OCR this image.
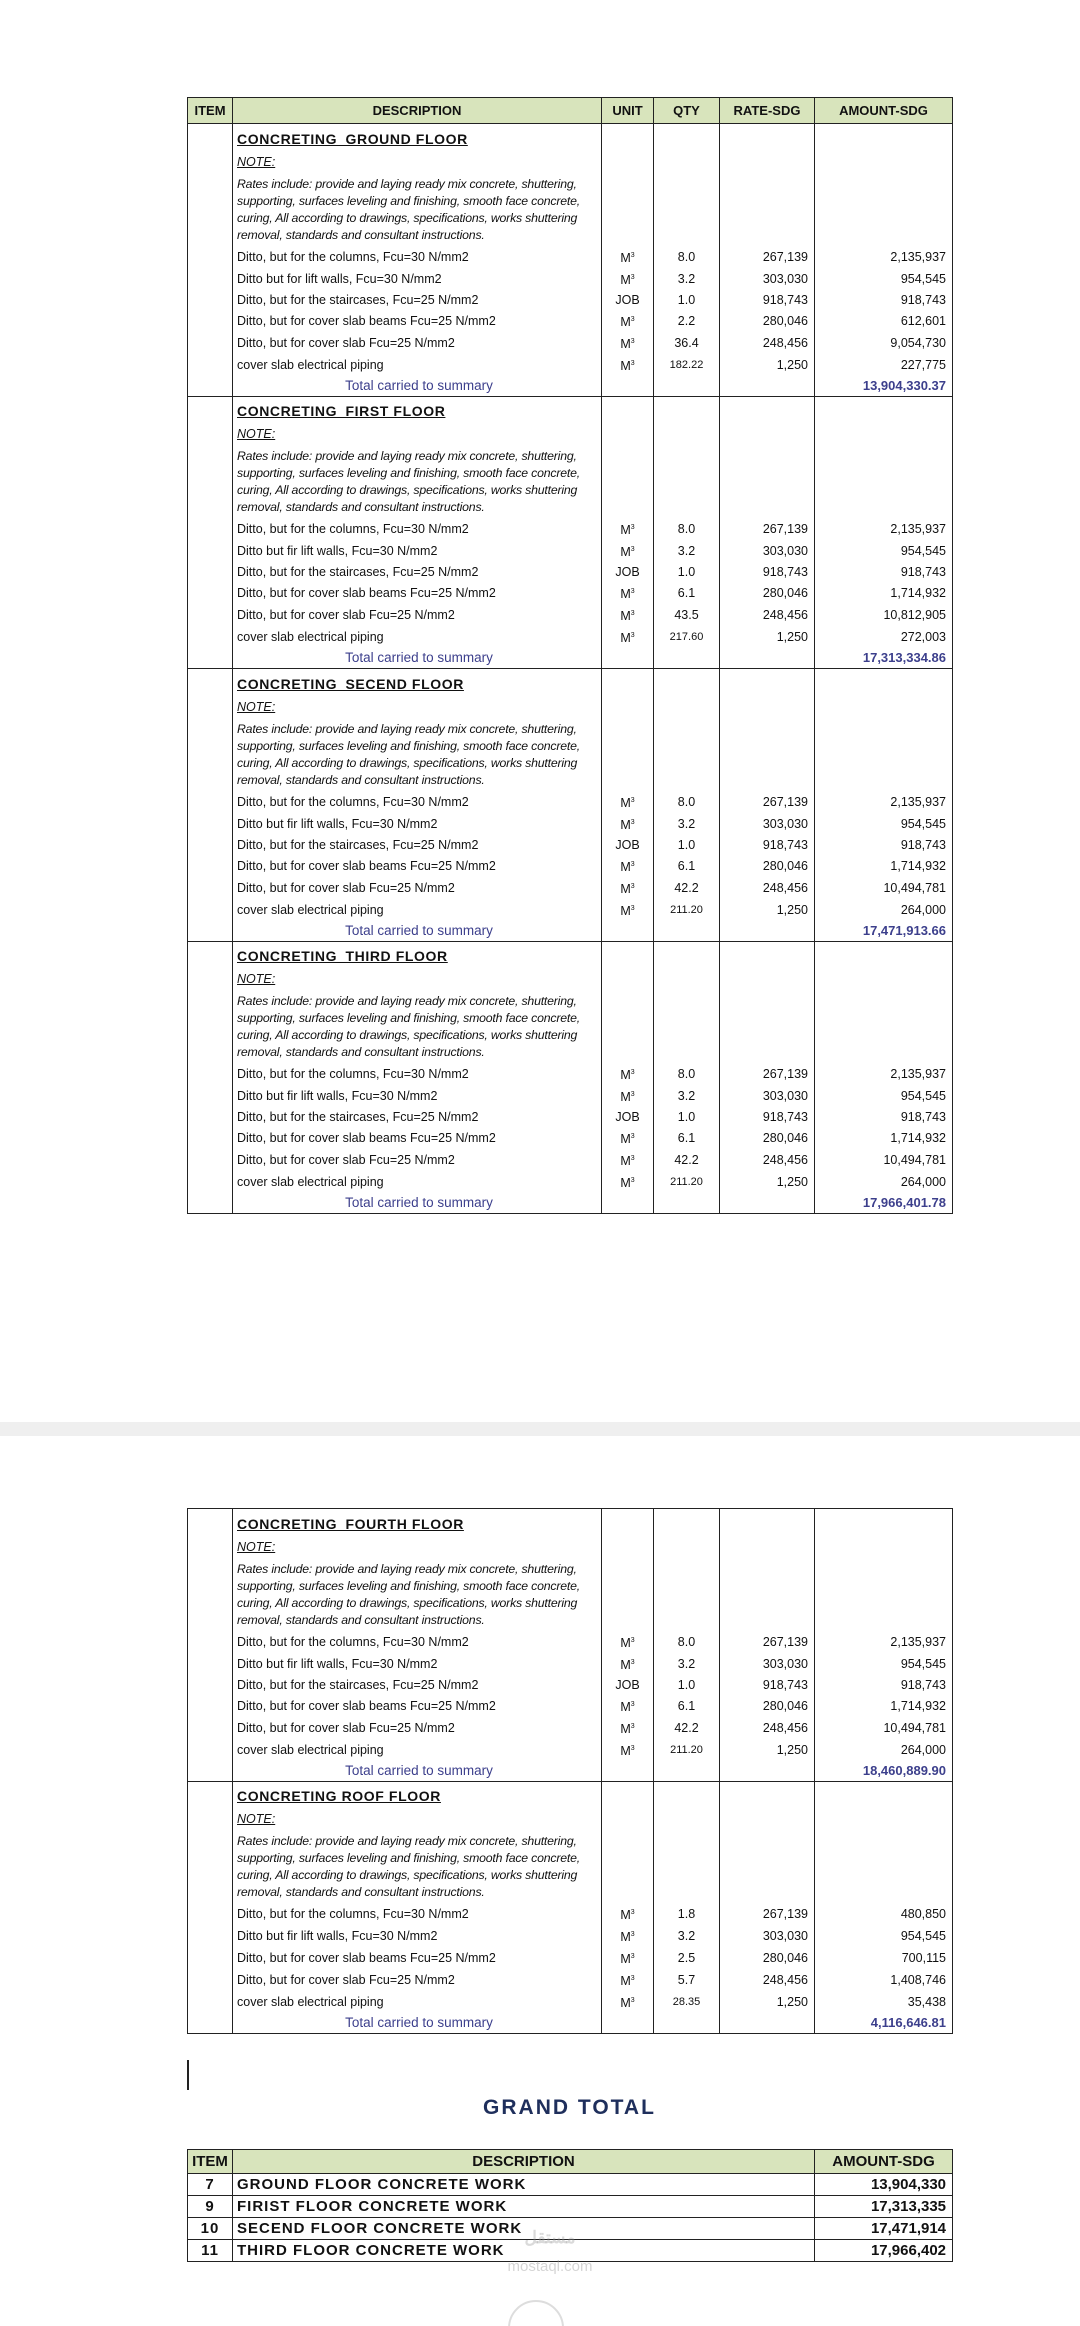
ITEM	DESCRIPTION	UNIT	QTY	RATE-SDG	AMOUNT-SDG
	CONCRETING_GROUND FLOOR				
	NOTE:				
	Rates include: provide and laying ready mix concrete, shuttering, supporting, surfaces leveling and finishing, smooth face concrete, curing, All according to drawings, specifications, works shuttering removal, standards and consultant instructions.				
	Ditto, but for the columns, Fcu=30 N/mm2	$M^3$	8.0	267,139	2,135,937
	Ditto but for lift walls, Fcu=30 N/mm2	$M^3$	3.2	303,030	954,545
	Ditto, but for the staircases, Fcu=25 N/mm2	JOB	1.0	918,743	918,743
	Ditto, but for cover slab beams Fcu=25 N/mm2	$M^3$	2.2	280,046	612,601
	Ditto, but for cover slab Fcu=25 N/mm2	$M^3$	36.4	248,456	9,054,730
	cover slab electrical piping	$M^3$	182.22	1,250	227,775
	Total carried to summary				13,904,330.37
	CONCRETING_FIRST FLOOR				
	NOTE:				
	Rates include: provide and laying ready mix concrete, shuttering, supporting, surfaces leveling and finishing, smooth face concrete, curing, All according to drawings, specifications, works shuttering removal, standards and consultant instructions.				
	Ditto, but for the columns, Fcu=30 N/mm2	$M^3$	8.0	267,139	2,135,937
	Ditto but fir lift walls, Fcu=30 N/mm2	$M^3$	3.2	303,030	954,545
	Ditto, but for the staircases, Fcu=25 N/mm2	JOB	1.0	918,743	918,743
	Ditto, but for cover slab beams Fcu=25 N/mm2	$M^3$	6.1	280,046	1,714,932
	Ditto, but for cover slab Fcu=25 N/mm2	$M^3$	43.5	248,456	10,812,905
	cover slab electrical piping	$M^3$	217.60	1,250	272,003
	Total carried to summary				17,313,334.86
	CONCRETING_SECEND FLOOR				
	NOTE:				
	Rates include: provide and laying ready mix concrete, shuttering, supporting, surfaces leveling and finishing, smooth face concrete, curing, All according to drawings, specifications, works shuttering removal, standards and consultant instructions.				
	Ditto, but for the columns, Fcu=30 N/mm2	$M^3$	8.0	267,139	2,135,937
	Ditto but fir lift walls, Fcu=30 N/mm2	$M^3$	3.2	303,030	954,545
	Ditto, but for the staircases, Fcu=25 N/mm2	JOB	1.0	918,743	918,743
	Ditto, but for cover slab beams Fcu=25 N/mm2	$M^3$	6.1	280,046	1,714,932
	Ditto, but for cover slab Fcu=25 N/mm2	$M^3$	42.2	248,456	10,494,781
	cover slab electrical piping	$M^3$	211.20	1,250	264,000
	Total carried to summary				17,471,913.66
	CONCRETING_THIRD FLOOR				
	NOTE:				
	Rates include: provide and laying ready mix concrete, shuttering, supporting, surfaces leveling and finishing, smooth face concrete, curing, All according to drawings, specifications, works shuttering removal, standards and consultant instructions.				
	Ditto, but for the columns, Fcu=30 N/mm2	$M^3$	8.0	267,139	2,135,937
	Ditto but fir lift walls, Fcu=30 N/mm2	$M^3$	3.2	303,030	954,545
	Ditto, but for the staircases, Fcu=25 N/mm2	JOB	1.0	918,743	918,743
	Ditto, but for cover slab beams Fcu=25 N/mm2	$M^3$	6.1	280,046	1,714,932
	Ditto, but for cover slab Fcu=25 N/mm2	$M^3$	42.2	248,456	10,494,781
	cover slab electrical piping	$M^3$	211.20	1,250	264,000
	Total carried to summary				17,966,401.78
	CONCRETING_FOURTH FLOOR				
	NOTE:				
	Rates include: provide and laying ready mix concrete, shuttering, supporting, surfaces leveling and finishing, smooth face concrete, curing, All according to drawings, specifications, works shuttering removal, standards and consultant instructions.				
	Ditto, but for the columns, Fcu=30 N/mm2	$M^3$	8.0	267,139	2,135,937
	Ditto but fir lift walls, Fcu=30 N/mm2	$M^3$	3.2	303,030	954,545
	Ditto, but for the staircases, Fcu=25 N/mm2	JOB	1.0	918,743	918,743
	Ditto, but for cover slab beams Fcu=25 N/mm2	$M^3$	6.1	280,046	1,714,932
	Ditto, but for cover slab Fcu=25 N/mm2	$M^3$	42.2	248,456	10,494,781
	cover slab electrical piping	$M^3$	211.20	1,250	264,000
	Total carried to summary				18,460,889.90
	CONCRETING ROOF FLOOR				
	NOTE:				
	Rates include: provide and laying ready mix concrete, shuttering, supporting, surfaces leveling and finishing, smooth face concrete, curing, All according to drawings, specifications, works shuttering removal, standards and consultant instructions.				
	Ditto, but for the columns, Fcu=30 N/mm2	$M^3$	1.8	267,139	480,850
	Ditto but fir lift walls, Fcu=30 N/mm2	$M^3$	3.2	303,030	954,545
	Ditto, but for cover slab beams Fcu=25 N/mm2	$M^3$	2.5	280,046	700,115
	Ditto, but for cover slab Fcu=25 N/mm2	$M^3$	5.7	248,456	1,408,746
	cover slab electrical piping	$M^3$	28.35	1,250	35,438
	Total carried to summary				4,116,646.81
GRAND TOTAL
ITEM	DESCRIPTION		AMOUNT-SDG
7	GROUND FLOOR CONCRETE WORK		13,904,330
9	FIRIST FLOOR CONCRETE WORK		17,313,335
10	SECEND FLOOR CONCRETE WORK		17,471,914
11	THIRD FLOOR CONCRETE WORK		17,966,402
مستقل
mostaql.com
